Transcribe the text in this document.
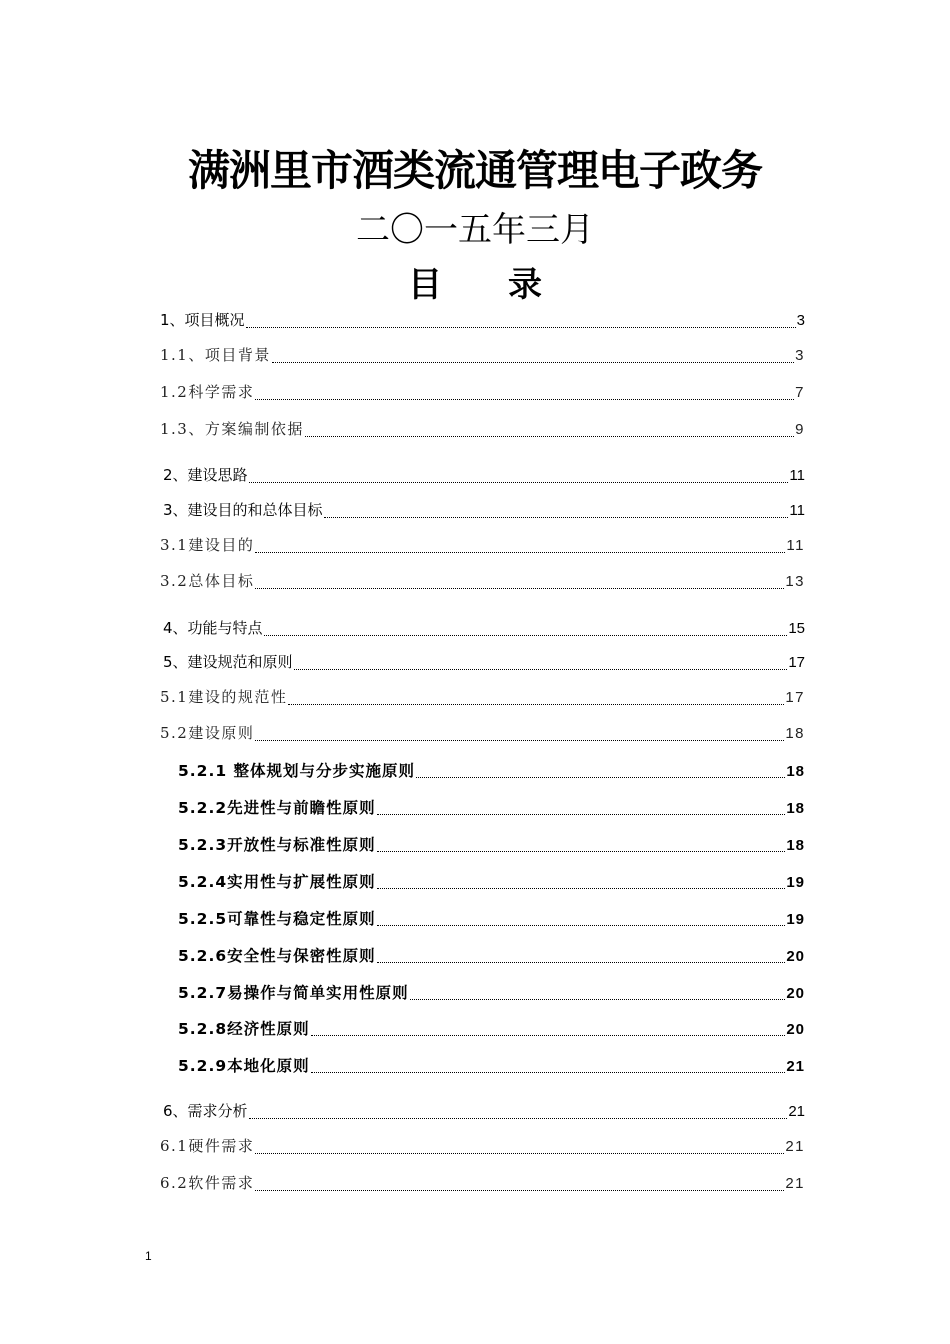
满洲里市酒类流通管理电子政务
二〇一五年三月
目录
1、项目概况	3
1.1、项目背景	3
1.2科学需求	7
1.3、方案编制依据	9
2、建设思路	11
3、建设目的和总体目标	11
3.1建设目的	11
3.2总体目标	13
4、功能与特点	15
5、建设规范和原则	17
5.1建设的规范性	17
5.2建设原则	18
5.2.1 整体规划与分步实施原则	18
5.2.2先进性与前瞻性原则	18
5.2.3开放性与标准性原则	18
5.2.4实用性与扩展性原则	19
5.2.5可靠性与稳定性原则	19
5.2.6安全性与保密性原则	20
5.2.7易操作与简单实用性原则	20
5.2.8经济性原则	20
5.2.9本地化原则	21
6、需求分析	21
6.1硬件需求	21
6.2软件需求	21
1
